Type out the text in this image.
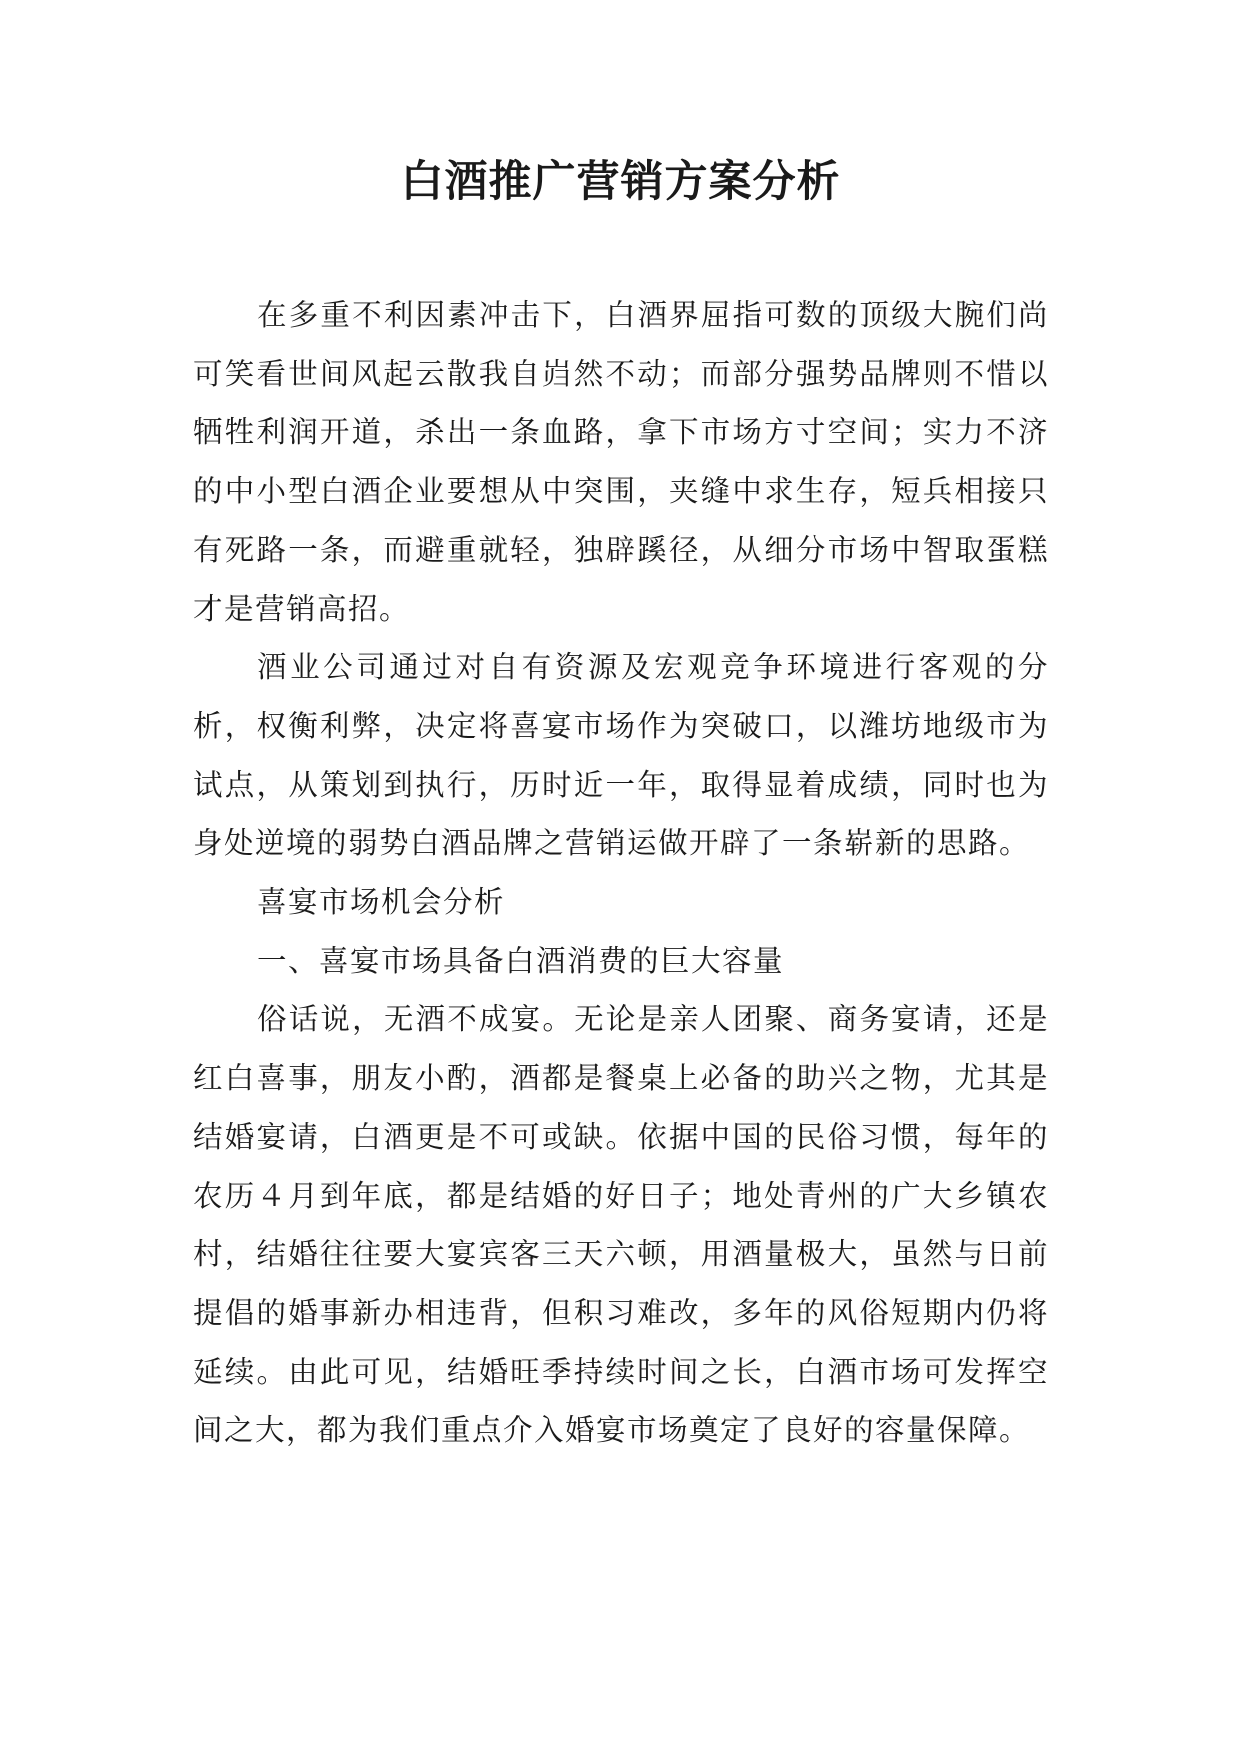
白酒推广营销方案分析

在多重不利因素冲击下，白酒界屈指可数的顶级大腕们尚可笑看世间风起云散我自岿然不动；而部分强势品牌则不惜以牺牲利润开道，杀出一条血路，拿下市场方寸空间；实力不济的中小型白酒企业要想从中突围，夹缝中求生存，短兵相接只有死路一条，而避重就轻，独辟蹊径，从细分市场中智取蛋糕才是营销高招。

酒业公司通过对自有资源及宏观竞争环境进行客观的分析，权衡利弊，决定将喜宴市场作为突破口，以潍坊地级市为试点，从策划到执行，历时近一年，取得显着成绩，同时也为身处逆境的弱势白酒品牌之营销运做开辟了一条崭新的思路。

喜宴市场机会分析

一、喜宴市场具备白酒消费的巨大容量

俗话说，无酒不成宴。无论是亲人团聚、商务宴请，还是红白喜事，朋友小酌，酒都是餐桌上必备的助兴之物，尤其是结婚宴请，白酒更是不可或缺。依据中国的民俗习惯，每年的农历４月到年底，都是结婚的好日子；地处青州的广大乡镇农村，结婚往往要大宴宾客三天六顿，用酒量极大，虽然与日前提倡的婚事新办相违背，但积习难改，多年的风俗短期内仍将延续。由此可见，结婚旺季持续时间之长，白酒市场可发挥空间之大，都为我们重点介入婚宴市场奠定了良好的容量保障。
